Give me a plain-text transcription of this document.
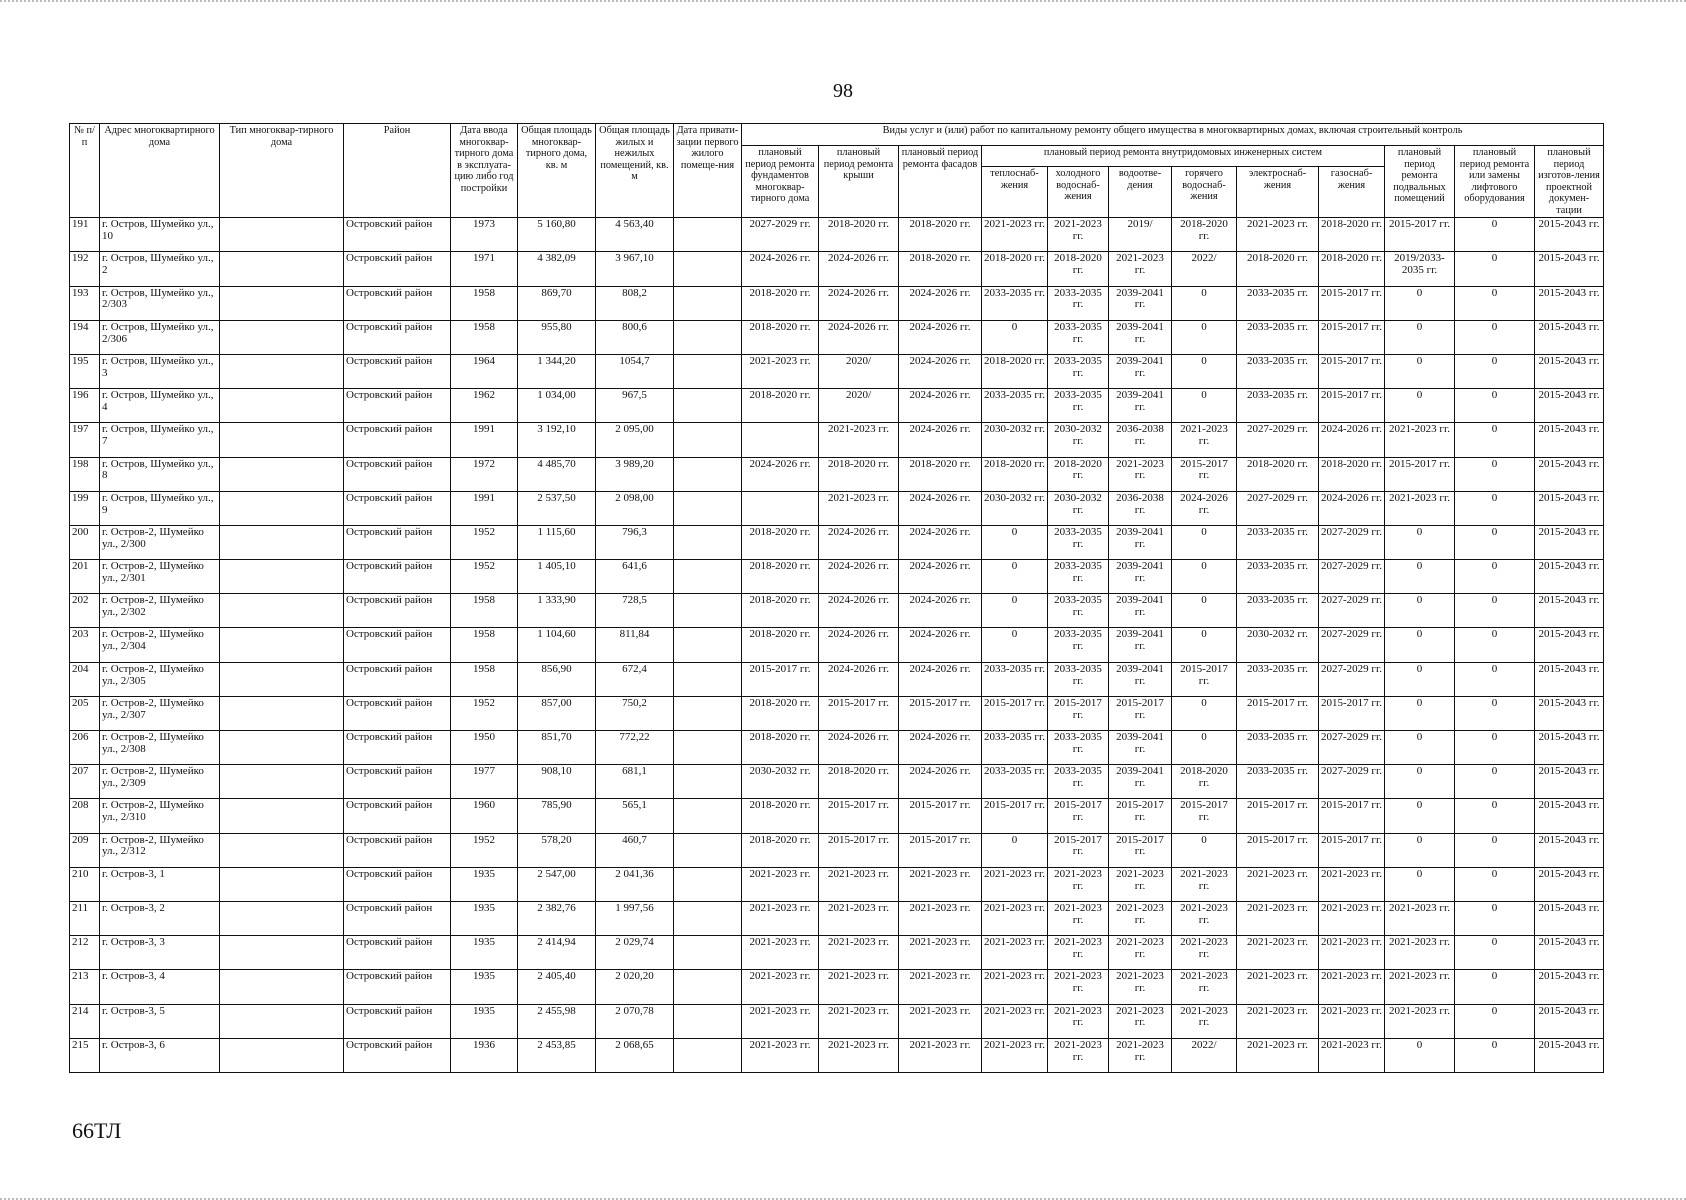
98
№ п/п	Адрес многоквартирного дома	Тип многоквар-тирного дома	Район	Дата ввода многоквар-тирного дома в эксплуата-цию либо год постройки	Общая площадь многоквар-тирного дома, кв. м	Общая площадь жилых и нежилых помещений, кв. м	Дата привати-зации первого жилого помеще-ния	Виды услуг и (или) работ по капитальному ремонту общего имущества в многоквартирных домах, включая строительный контроль											
								плановый период ремонта фундаментов многоквар-тирного дома	плановый период ремонта крыши	плановый период ремонта фасадов	плановый период ремонта внутридомовых инженерных систем						плановый период ремонта подвальных помещений	плановый период ремонта или замены лифтового оборудования	плановый период изготов-ления проектной докумен-тации
											теплоснаб-жения	холодного водоснаб-жения	водоотве-дения	горячего водоснаб-жения	электроснаб-жения	газоснаб-жения			
191	г. Остров, Шумейко ул., 10		Островский район	1973	5 160,80	4 563,40		2027-2029 гг.	2018-2020 гг.	2018-2020 гг.	2021-2023 гг.	2021-2023 гг.	2019/	2018-2020 гг.	2021-2023 гг.	2018-2020 гг.	2015-2017 гг.	0	2015-2043 гг.
192	г. Остров, Шумейко ул., 2		Островский район	1971	4 382,09	3 967,10		2024-2026 гг.	2024-2026 гг.	2018-2020 гг.	2018-2020 гг.	2018-2020 гг.	2021-2023 гг.	2022/	2018-2020 гг.	2018-2020 гг.	2019/2033-2035 гг.	0	2015-2043 гг.
193	г. Остров, Шумейко ул., 2/303		Островский район	1958	869,70	808,2		2018-2020 гг.	2024-2026 гг.	2024-2026 гг.	2033-2035 гг.	2033-2035 гг.	2039-2041 гг.	0	2033-2035 гг.	2015-2017 гг.	0	0	2015-2043 гг.
194	г. Остров, Шумейко ул., 2/306		Островский район	1958	955,80	800,6		2018-2020 гг.	2024-2026 гг.	2024-2026 гг.	0	2033-2035 гг.	2039-2041 гг.	0	2033-2035 гг.	2015-2017 гг.	0	0	2015-2043 гг.
195	г. Остров, Шумейко ул., 3		Островский район	1964	1 344,20	1054,7		2021-2023 гг.	2020/	2024-2026 гг.	2018-2020 гг.	2033-2035 гг.	2039-2041 гг.	0	2033-2035 гг.	2015-2017 гг.	0	0	2015-2043 гг.
196	г. Остров, Шумейко ул., 4		Островский район	1962	1 034,00	967,5		2018-2020 гг.	2020/	2024-2026 гг.	2033-2035 гг.	2033-2035 гг.	2039-2041 гг.	0	2033-2035 гг.	2015-2017 гг.	0	0	2015-2043 гг.
197	г. Остров, Шумейко ул., 7		Островский район	1991	3 192,10	2 095,00			2021-2023 гг.	2024-2026 гг.	2030-2032 гг.	2030-2032 гг.	2036-2038 гг.	2021-2023 гг.	2027-2029 гг.	2024-2026 гг.	2021-2023 гг.	0	2015-2043 гг.
198	г. Остров, Шумейко ул., 8		Островский район	1972	4 485,70	3 989,20		2024-2026 гг.	2018-2020 гг.	2018-2020 гг.	2018-2020 гг.	2018-2020 гг.	2021-2023 гг.	2015-2017 гг.	2018-2020 гг.	2018-2020 гг.	2015-2017 гг.	0	2015-2043 гг.
199	г. Остров, Шумейко ул., 9		Островский район	1991	2 537,50	2 098,00			2021-2023 гг.	2024-2026 гг.	2030-2032 гг.	2030-2032 гг.	2036-2038 гг.	2024-2026 гг.	2027-2029 гг.	2024-2026 гг.	2021-2023 гг.	0	2015-2043 гг.
200	г. Остров-2, Шумейко ул., 2/300		Островский район	1952	1 115,60	796,3		2018-2020 гг.	2024-2026 гг.	2024-2026 гг.	0	2033-2035 гг.	2039-2041 гг.	0	2033-2035 гг.	2027-2029 гг.	0	0	2015-2043 гг.
201	г. Остров-2, Шумейко ул., 2/301		Островский район	1952	1 405,10	641,6		2018-2020 гг.	2024-2026 гг.	2024-2026 гг.	0	2033-2035 гг.	2039-2041 гг.	0	2033-2035 гг.	2027-2029 гг.	0	0	2015-2043 гг.
202	г. Остров-2, Шумейко ул., 2/302		Островский район	1958	1 333,90	728,5		2018-2020 гг.	2024-2026 гг.	2024-2026 гг.	0	2033-2035 гг.	2039-2041 гг.	0	2033-2035 гг.	2027-2029 гг.	0	0	2015-2043 гг.
203	г. Остров-2, Шумейко ул., 2/304		Островский район	1958	1 104,60	811,84		2018-2020 гг.	2024-2026 гг.	2024-2026 гг.	0	2033-2035 гг.	2039-2041 гг.	0	2030-2032 гг.	2027-2029 гг.	0	0	2015-2043 гг.
204	г. Остров-2, Шумейко ул., 2/305		Островский район	1958	856,90	672,4		2015-2017 гг.	2024-2026 гг.	2024-2026 гг.	2033-2035 гг.	2033-2035 гг.	2039-2041 гг.	2015-2017 гг.	2033-2035 гг.	2027-2029 гг.	0	0	2015-2043 гг.
205	г. Остров-2, Шумейко ул., 2/307		Островский район	1952	857,00	750,2		2018-2020 гг.	2015-2017 гг.	2015-2017 гг.	2015-2017 гг.	2015-2017 гг.	2015-2017 гг.	0	2015-2017 гг.	2015-2017 гг.	0	0	2015-2043 гг.
206	г. Остров-2, Шумейко ул., 2/308		Островский район	1950	851,70	772,22		2018-2020 гг.	2024-2026 гг.	2024-2026 гг.	2033-2035 гг.	2033-2035 гг.	2039-2041 гг.	0	2033-2035 гг.	2027-2029 гг.	0	0	2015-2043 гг.
207	г. Остров-2, Шумейко ул., 2/309		Островский район	1977	908,10	681,1		2030-2032 гг.	2018-2020 гг.	2024-2026 гг.	2033-2035 гг.	2033-2035 гг.	2039-2041 гг.	2018-2020 гг.	2033-2035 гг.	2027-2029 гг.	0	0	2015-2043 гг.
208	г. Остров-2, Шумейко ул., 2/310		Островский район	1960	785,90	565,1		2018-2020 гг.	2015-2017 гг.	2015-2017 гг.	2015-2017 гг.	2015-2017 гг.	2015-2017 гг.	2015-2017 гг.	2015-2017 гг.	2015-2017 гг.	0	0	2015-2043 гг.
209	г. Остров-2, Шумейко ул., 2/312		Островский район	1952	578,20	460,7		2018-2020 гг.	2015-2017 гг.	2015-2017 гг.	0	2015-2017 гг.	2015-2017 гг.	0	2015-2017 гг.	2015-2017 гг.	0	0	2015-2043 гг.
210	г. Остров-3, 1		Островский район	1935	2 547,00	2 041,36		2021-2023 гг.	2021-2023 гг.	2021-2023 гг.	2021-2023 гг.	2021-2023 гг.	2021-2023 гг.	2021-2023 гг.	2021-2023 гг.	2021-2023 гг.	0	0	2015-2043 гг.
211	г. Остров-3, 2		Островский район	1935	2 382,76	1 997,56		2021-2023 гг.	2021-2023 гг.	2021-2023 гг.	2021-2023 гг.	2021-2023 гг.	2021-2023 гг.	2021-2023 гг.	2021-2023 гг.	2021-2023 гг.	2021-2023 гг.	0	2015-2043 гг.
212	г. Остров-3, 3		Островский район	1935	2 414,94	2 029,74		2021-2023 гг.	2021-2023 гг.	2021-2023 гг.	2021-2023 гг.	2021-2023 гг.	2021-2023 гг.	2021-2023 гг.	2021-2023 гг.	2021-2023 гг.	2021-2023 гг.	0	2015-2043 гг.
213	г. Остров-3, 4		Островский район	1935	2 405,40	2 020,20		2021-2023 гг.	2021-2023 гг.	2021-2023 гг.	2021-2023 гг.	2021-2023 гг.	2021-2023 гг.	2021-2023 гг.	2021-2023 гг.	2021-2023 гг.	2021-2023 гг.	0	2015-2043 гг.
214	г. Остров-3, 5		Островский район	1935	2 455,98	2 070,78		2021-2023 гг.	2021-2023 гг.	2021-2023 гг.	2021-2023 гг.	2021-2023 гг.	2021-2023 гг.	2021-2023 гг.	2021-2023 гг.	2021-2023 гг.	2021-2023 гг.	0	2015-2043 гг.
215	г. Остров-3, 6		Островский район	1936	2 453,85	2 068,65		2021-2023 гг.	2021-2023 гг.	2021-2023 гг.	2021-2023 гг.	2021-2023 гг.	2021-2023 гг.	2022/	2021-2023 гг.	2021-2023 гг.	0	0	2015-2043 гг.
66ТЛ
